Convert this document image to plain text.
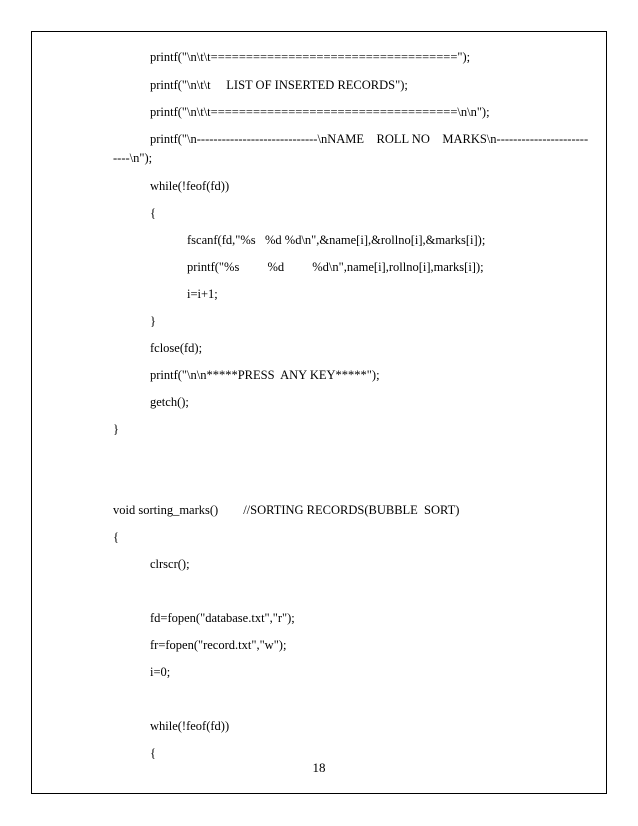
printf("\n\t\t===================================");
printf("\n\t\t     LIST OF INSERTED RECORDS");
printf("\n\t\t===================================\n\n");
printf("\n-----------------------------\nNAME    ROLL NO    MARKS\n----------------------
----\n");
while(!feof(fd))
{
fscanf(fd,"%s   %d %d\n",&name[i],&rollno[i],&marks[i]);
printf("%s         %d         %d\n",name[i],rollno[i],marks[i]);
i=i+1;
}
fclose(fd);
printf("\n\n*****PRESS  ANY KEY*****");
getch();
}
void sorting_marks()        //SORTING RECORDS(BUBBLE  SORT)
{
clrscr();
fd=fopen("database.txt","r");
fr=fopen("record.txt","w");
i=0;
while(!feof(fd))
{
18
